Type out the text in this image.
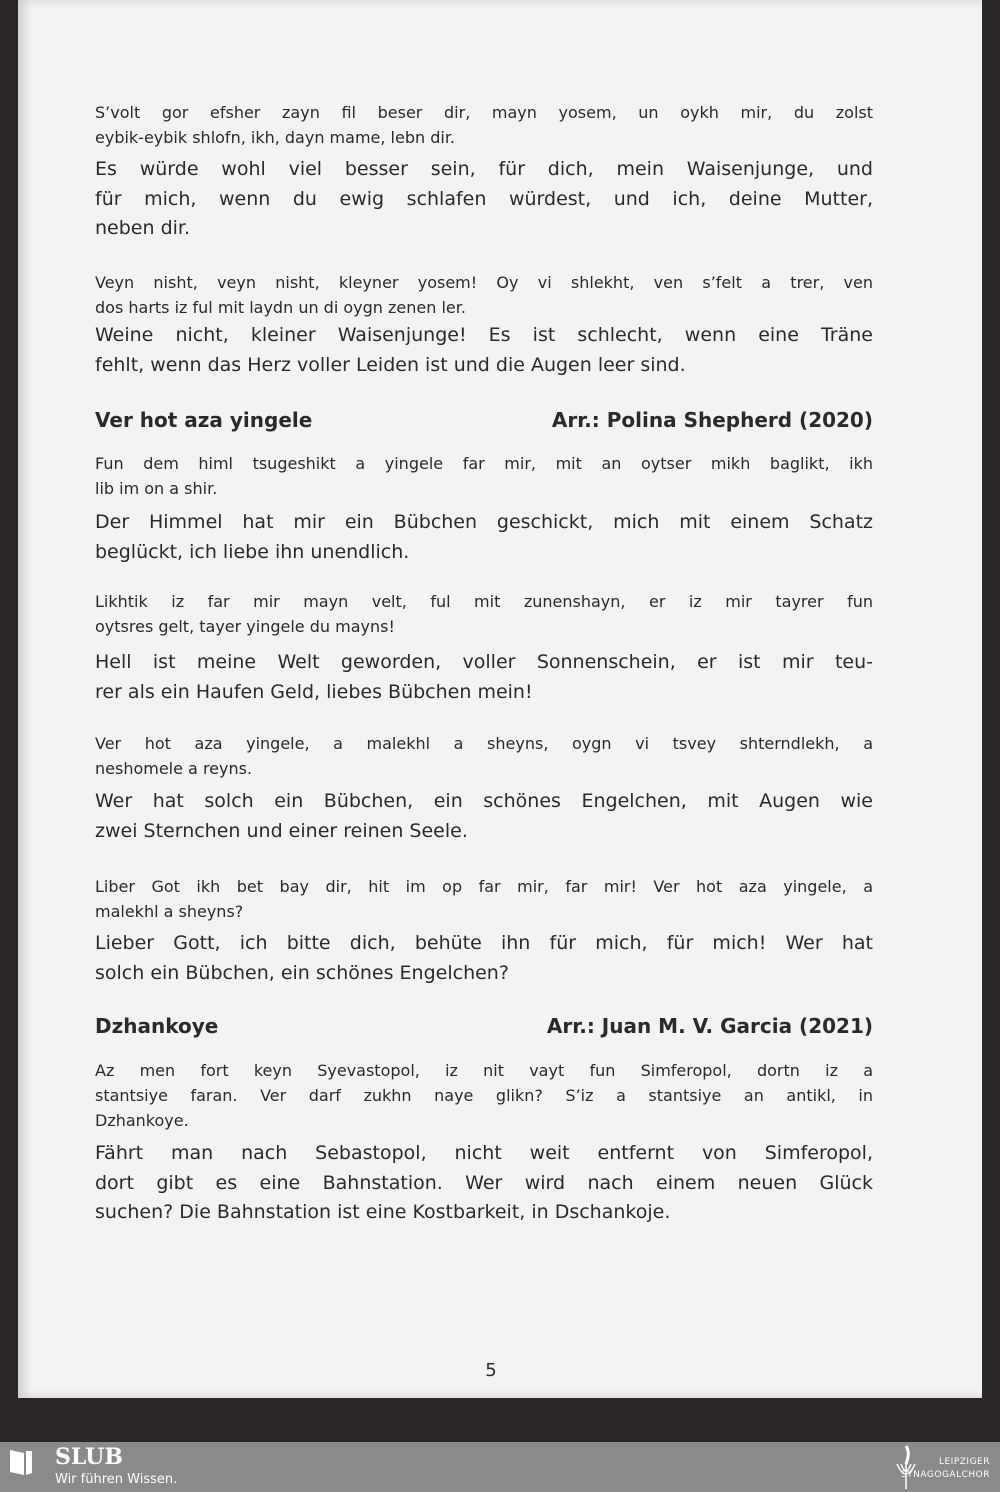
S’volt gor efsher zayn fil beser dir, mayn yosem, un oykh mir, du zolst
eybik-eybik shlofn, ikh, dayn mame, lebn dir.
Es würde wohl viel besser sein, für dich, mein Waisenjunge, und
für mich, wenn du ewig schlafen würdest, und ich, deine Mutter,
neben dir.
Veyn nisht, veyn nisht, kleyner yosem! Oy vi shlekht, ven s’felt a trer, ven
dos harts iz ful mit laydn un di oygn zenen ler.
Weine nicht, kleiner Waisenjunge! Es ist schlecht, wenn eine Träne
fehlt, wenn das Herz voller Leiden ist und die Augen leer sind.
Fun dem himl tsugeshikt a yingele far mir, mit an oytser mikh baglikt, ikh
lib im on a shir.
Der Himmel hat mir ein Bübchen geschickt, mich mit einem Schatz
beglückt, ich liebe ihn unendlich.
Likhtik iz far mir mayn velt, ful mit zunenshayn, er iz mir tayrer fun
oytsres gelt, tayer yingele du mayns!
Hell ist meine Welt geworden, voller Sonnenschein, er ist mir teu-
rer als ein Haufen Geld, liebes Bübchen mein!
Ver hot aza yingele, a malekhl a sheyns, oygn vi tsvey shterndlekh, a
neshomele a reyns.
Wer hat solch ein Bübchen, ein schönes Engelchen, mit Augen wie
zwei Sternchen und einer reinen Seele.
Liber Got ikh bet bay dir, hit im op far mir, far mir! Ver hot aza yingele, a
malekhl a sheyns?
Lieber Gott, ich bitte dich, behüte ihn für mich, für mich! Wer hat
solch ein Bübchen, ein schönes Engelchen?
Az men fort keyn Syevastopol, iz nit vayt fun Simferopol, dortn iz a
stantsiye faran. Ver darf zukhn naye glikn? S’iz a stantsiye an antikl, in
Dzhankoye.
Fährt man nach Sebastopol, nicht weit entfernt von Simferopol,
dort gibt es eine Bahnstation. Wer wird nach einem neuen Glück
suchen? Die Bahnstation ist eine Kostbarkeit, in Dschankoje.
Ver hot aza yingele	Arr.: Polina Shepherd (2020)
Dzhankoye	Arr.: Juan M. V. Garcia (2021)
5
SLUB
Wir führen Wissen.
LEIPZIGER
SYNAGOGALCHOR
